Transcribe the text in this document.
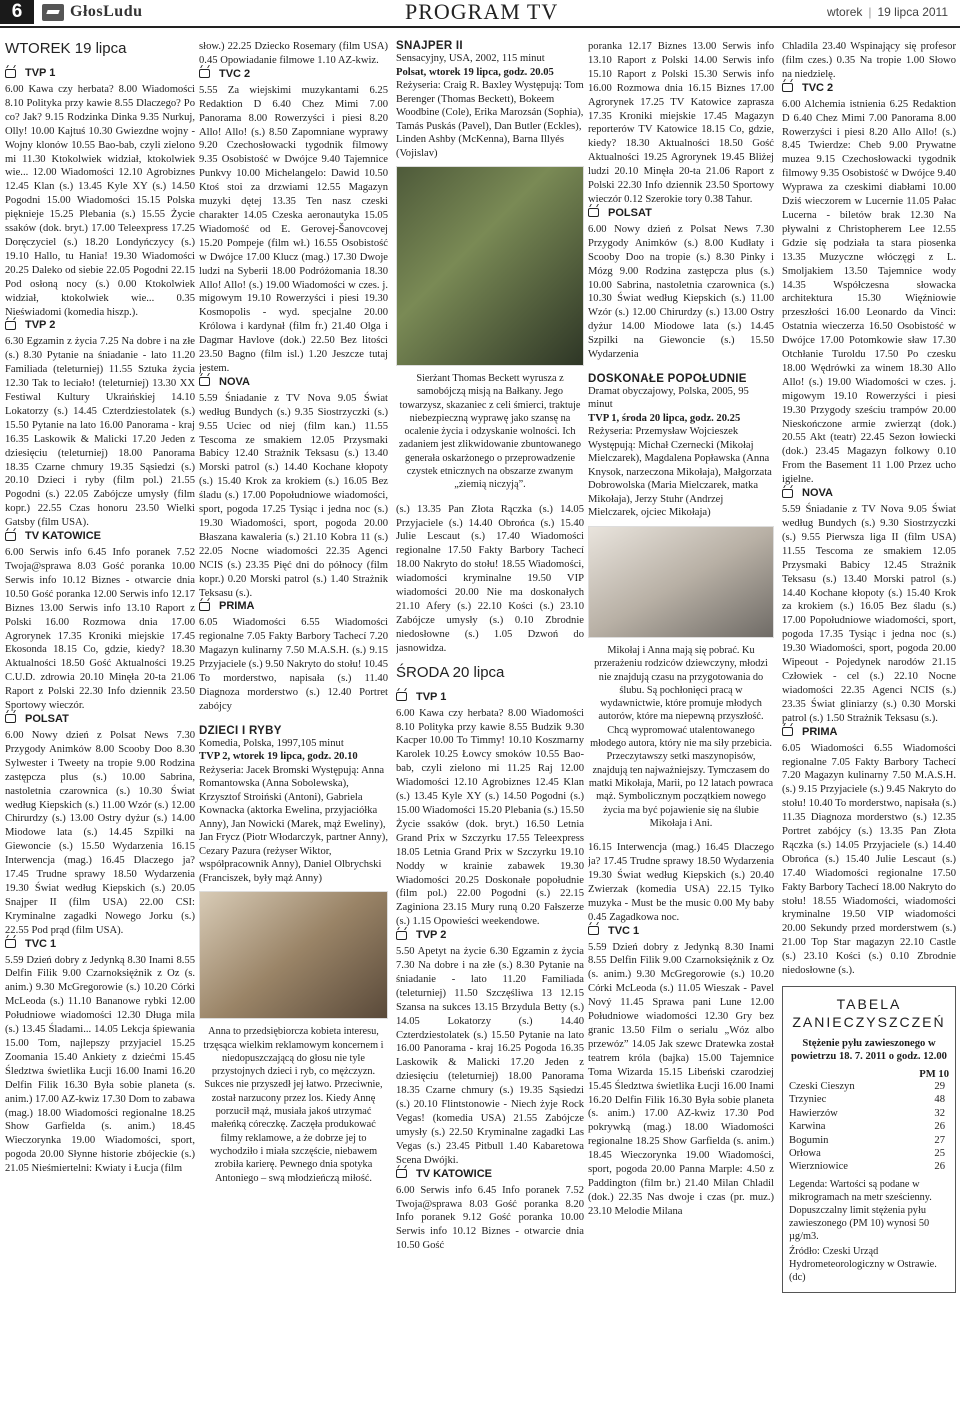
6	GłosLudu	PROGRAM TV	wtorek | 19 lipca 2011
WTOREK 19 lipca
TVP 1
6.00 Kawa czy herbata? 8.00 Wiadomości 8.10 Polityka przy kawie 8.55 Dlaczego? Po co? Jak? 9.15 Rodzinka Dinka 9.35 Nurkuj, Olly! 10.00 Kajtuś 10.30 Gwiezdne wojny - Wojny klonów 10.55 Bao-bab, czyli zielono mi 11.30 Ktokolwiek widział, ktokolwiek wie... 12.00 Wiadomości 12.10 Agrobiznes 12.45 Klan (s.) 13.45 Kyle XY (s.) 14.50 Pogodni 15.00 Wiadomości 15.15 Polska pięknieje 15.25 Plebania (s.) 15.55 Życie ssaków (dok. bryt.) 17.00 Teleexpress 17.25 Doręczyciel (s.) 18.20 Londyńczycy (s.) 19.10 Hallo, tu Hania! 19.30 Wiadomości 20.25 Daleko od siebie 22.05 Pogodni 22.15 Pod osłoną nocy (s.) 0.00 Ktokolwiek widział, ktokolwiek wie... 0.35 Nieświadomi (komedia hiszp.).
TVP 2
6.30 Egzamin z życia 7.25 Na dobre i na złe (s.) 8.30 Pytanie na śniadanie - lato 11.20 Familiada (teleturniej) 11.55 Sztuka życia 12.30 Tak to leciało! (teleturniej) 13.30 XX Festiwal Kultury Ukraińskiej 14.10 Lokatorzy (s.) 14.45 Czterdziestolatek (s.) 15.50 Pytanie na lato 16.00 Panorama - kraj 16.35 Laskowik & Malicki 17.20 Jeden z dziesięciu (teleturniej) 18.00 Panorama 18.35 Czarne chmury 19.35 Sąsiedzi (s.) 20.10 Dzieci i ryby (film pol.) 21.55 Pogodni (s.) 22.05 Zabójcze umysły (film kopr.) 22.55 Czas honoru 23.50 Wielki Gatsby (film USA).
TV KATOWICE
6.00 Serwis info 6.45 Info poranek 7.52 Twoja@sprawa 8.03 Gość poranka 10.00 Serwis info 10.12 Biznes - otwarcie dnia 10.50 Gość poranka 12.00 Serwis info 12.17 Biznes 13.00 Serwis info 13.10 Raport z Polski 16.00 Rozmowa dnia 17.00 Agrorynek 17.35 Kroniki miejskie 17.45 Ekosonda 18.15 Co, gdzie, kiedy? 18.30 Aktualności 18.50 Gość Aktualności 19.25 C.U.D. zdrowia 20.10 Minęła 20-ta 21.06 Raport z Polski 22.30 Info dziennik 23.50 Sportowy wieczór.
POLSAT
6.00 Nowy dzień z Polsat News 7.30 Przygody Animków 8.00 Scooby Doo 8.30 Sylwester i Tweety na tropie 9.00 Rodzina zastępcza plus (s.) 10.00 Sabrina, nastoletnia czarownica (s.) 10.30 Świat według Kiepskich (s.) 11.00 Wzór (s.) 12.00 Chirurdzy (s.) 13.00 Ostry dyżur (s.) 14.00 Miodowe lata (s.) 14.45 Szpilki na Giewoncie (s.) 15.50 Wydarzenia 16.15 Interwencja (mag.) 16.45 Dlaczego ja? 17.45 Trudne sprawy 18.50 Wydarzenia 19.30 Świat według Kiepskich (s.) 20.05 Snajper II (film USA) 22.00 CSI: Kryminalne zagadki Nowego Jorku (s.) 22.55 Pod prąd (film USA).
TVC 1
5.59 Dzień dobry z Jedynką 8.30 Inami 8.55 Delfin Filik 9.00 Czarnoksiężnik z Oz (s. anim.) 9.30 McGregorowie (s.) 10.20 Córki McLeoda (s.) 11.10 Bananowe rybki 12.00 Południowe wiadomości 12.30 Długa mila (s.) 13.45 Śladami... 14.05 Lekcja śpiewania 15.00 Tom, najlepszy przyjaciel 15.25 Zoomania 15.40 Ankiety z dziećmi 15.45 Śledztwa świetlika Łucji 16.00 Inami 16.20 Delfin Filik 16.30 Była sobie planeta (s. anim.) 17.00 AZ-kwiz 17.30 Dom to zabawa (mag.) 18.00 Wiadomości regionalne 18.25 Show Garfielda (s. anim.) 18.45 Wieczorynka 19.00 Wiadomości, sport, pogoda 20.00 Słynne historie zbójeckie (s.) 21.05 Nieśmiertelni: Kwiaty i Łucja (film
słow.) 22.25 Dziecko Rosemary (film USA) 0.45 Opowiadanie filmowe 1.10 AZ-kwiz.
TVC 2
5.55 Za wiejskimi muzykantami 6.25 Redaktion D 6.40 Chez Mimi 7.00 Panorama 8.00 Rowerzyści i piesi 8.20 Allo! Allo! (s.) 8.50 Zapomniane wyprawy 9.20 Czechosłowacki tygodnik filmowy 9.35 Osobistość w Dwójce 9.40 Tajemnice Punkvy 10.00 Michelangelo: Dawid 10.50 Ktoś stoi za drzwiami 12.55 Magazyn muzyki dętej 13.35 Ten nasz czeski charakter 14.05 Czeska aeronautyka 15.05 Wiadomość od E. Gerovej-Šanovcovej 15.20 Pompeje (film wł.) 16.55 Osobistość w Dwójce 17.00 Klucz (mag.) 17.30 Dwoje ludzi na Syberii 18.00 Podróżomania 18.30 Allo! Allo! (s.) 19.00 Wiadomości w czes. j. migowym 19.10 Rowerzyści i piesi 19.30 Kosmopolis - wyd. specjalne 20.00 Królowa i kardynał (film fr.) 21.40 Olga i Dagmar Havlove (dok.) 22.50 Bez litości 23.50 Bagno (film isl.) 1.20 Jeszcze tutaj jestem.
NOVA
5.59 Śniadanie z TV Nova 9.05 Świat według Bundych (s.) 9.35 Siostrzyczki (s.) 9.55 Uciec od niej (film kan.) 11.55 Tescoma ze smakiem 12.05 Przysmaki Babicy 12.40 Strażnik Teksasu (s.) 13.40 Morski patrol (s.) 14.40 Kochane kłopoty (s.) 15.40 Krok za krokiem (s.) 16.05 Bez śladu (s.) 17.00 Popołudniowe wiadomości, sport, pogoda 17.25 Tysiąc i jedna noc (s.) 19.30 Wiadomości, sport, pogoda 20.00 Błaszana kawaleria (s.) 21.10 Kobra 11 (s.) 22.05 Nocne wiadomości 22.35 Agenci NCIS (s.) 23.35 Pięć dni do północy (film kopr.) 0.20 Morski patrol (s.) 1.40 Strażnik Teksasu (s.).
PRIMA
6.05 Wiadomości 6.55 Wiadomości regionalne 7.05 Fakty Barbory Tachecí 7.20 Magazyn kulinarny 7.50 M.A.S.H. (s.) 9.15 Przyjaciele (s.) 9.50 Nakryto do stołu! 10.45 To morderstwo, napisała (s.) 11.40 Diagnoza morderstwo (s.) 12.40 Portret zabójcy
DZIECI I RYBY

Komedia, Polska, 1997,105 minut

TVP 2, wtorek 19 lipca, godz. 20.10

Reżyseria: Jacek Bromski Występują: Anna Romantowska (Anna Sobolewska), Krzysztof Stroiński (Antoni), Gabriela Kownacka (aktorka Ewelina, przyjaciółka Anny), Jan Nowicki (Marek, mąż Eweliny), Jan Frycz (Piotr Włodarczyk, partner Anny), Cezary Pazura (reżyser Wiktor, współpracownik Anny), Daniel Olbrychski (Franciszek, były mąż Anny)

Anna to przedsiębiorcza kobieta interesu, trzęsąca wielkim reklamowym koncernem i niedopuszczającą do głosu nie tyle przystojnych dzieci i ryb, co mężczyzn. Sukces nie przyszedł jej łatwo. Przeciwnie, został narzucony przez los. Kiedy Annę porzucił mąż, musiała jakoś utrzymać małeńką córeczkę. Zaczęła produkować filmy reklamowe, a że dobrze jej to wychodziło i miała szczęście, niebawem zrobiła karierę. Pewnego dnia spotyka Antoniego – swą młodzieńczą miłość.

SNAJPER II

Sensacyjny, USA, 2002, 115 minut

Polsat, wtorek 19 lipca, godz. 20.05

Reżyseria: Craig R. Baxley Występują: Tom Berenger (Thomas Beckett), Bokeem Woodbine (Cole), Erika Marozsán (Sophia), Tamás Puskás (Pavel), Dan Butler (Eckles), Linden Ashby (McKenna), Barna Illyés (Vojislav)

Sierżant Thomas Beckett wyrusza z samobójczą misją na Bałkany. Jego towarzysz, skazaniec z celi śmierci, traktuje niebezpieczną wyprawę jako szansę na ocalenie życia i odzyskanie wolności. Ich zadaniem jest zlikwidowanie zbuntowanego generała oskarżonego o przeprowadzenie czystek etnicznych na obszarze zwanym „ziemią niczyją”.

(s.) 13.35 Pan Złota Rączka (s.) 14.05 Przyjaciele (s.) 14.40 Obrońca (s.) 15.40 Julie Lescaut (s.) 17.40 Wiadomości regionalne 17.50 Fakty Barbory Tachecí 18.00 Nakryto do stołu! 18.55 Wiadomości, wiadomości kryminalne 19.50 VIP wiadomości 20.00 Nie ma doskonałych 21.10 Afery (s.) 22.10 Kości (s.) 23.10 Zabójcze umysły (s.) 0.10 Zbrodnie niedosłowne (s.) 1.05 Dzwoń do jasnowidza.
ŚRODA 20 lipca
TVP 1
6.00 Kawa czy herbata? 8.00 Wiadomości 8.10 Polityka przy kawie 8.55 Budzik 9.30 Kacper 10.00 To Timmy! 10.10 Koszmarny Karolek 10.25 Łowcy smoków 10.55 Bao-bab, czyli zielono mi 11.25 Raj 12.00 Wiadomości 12.10 Agrobiznes 12.45 Klan (s.) 13.45 Kyle XY (s.) 14.50 Pogodni (s.) 15.00 Wiadomości 15.20 Plebania (s.) 15.50 Życie ssaków (dok. bryt.) 16.50 Letnia Grand Prix w Szczyrku 17.55 Teleexpress 18.05 Letnia Grand Prix w Szczyrku 19.10 Noddy w krainie zabawek 19.30 Wiadomości 20.25 Doskonałe popołudnie (film pol.) 22.00 Pogodni (s.) 22.15 Zaginiona 23.15 Mury runą 0.20 Fałszerze (s.) 1.15 Opowieści weekendowe.
TVP 2
5.50 Apetyt na życie 6.30 Egzamin z życia 7.30 Na dobre i na złe (s.) 8.30 Pytanie na śniadanie - lato 11.20 Familiada (teleturniej) 11.50 Szczęśliwa 13 12.15 Szansa na sukces 13.15 Brzydula Betty (s.) 14.05 Lokatorzy (s.) 14.40 Czterdziestolatek (s.) 15.50 Pytanie na lato 16.00 Panorama - kraj 16.25 Pogoda 16.35 Laskowik & Malicki 17.20 Jeden z dziesięciu (teleturniej) 18.00 Panorama 18.35 Czarne chmury (s.) 19.35 Sąsiedzi (s.) 20.10 Flintstonowie - Niech żyje Rock Vegas! (komedia USA) 21.55 Zabójcze umysły (s.) 22.50 Kryminalne zagadki Las Vegas (s.) 23.45 Pitbull 1.40 Kabaretowa Scena Dwójki.
TV KATOWICE
6.00 Serwis info 6.45 Info poranek 7.52 Twoja@sprawa 8.03 Gość poranka 8.20 Info poranek 9.12 Gość poranka 10.00 Serwis info 10.12 Biznes - otwarcie dnia 10.50 Gość
poranka 12.17 Biznes 13.00 Serwis info 13.10 Raport z Polski 14.00 Serwis info 15.10 Raport z Polski 15.30 Serwis info 16.00 Rozmowa dnia 16.15 Biznes 17.00 Agrorynek 17.25 TV Katowice zaprasza 17.35 Kroniki miejskie 17.45 Magazyn reporterów TV Katowice 18.15 Co, gdzie, kiedy? 18.30 Aktualności 18.50 Gość Aktualności 19.25 Agrorynek 19.45 Bliżej ludzi 20.10 Minęła 20-ta 21.06 Raport z Polski 22.30 Info dziennik 23.50 Sportowy wieczór 0.12 Szerokie tory 0.38 Tahur.
POLSAT
6.00 Nowy dzień z Polsat News 7.30 Przygody Animków (s.) 8.00 Kudłaty i Scooby Doo na tropie (s.) 8.30 Pinky i Mózg 9.00 Rodzina zastępcza plus (s.) 10.00 Sabrina, nastoletnia czarownica (s.) 10.30 Świat według Kiepskich (s.) 11.00 Wzór (s.) 12.00 Chirurdzy (s.) 13.00 Ostry dyżur 14.00 Miodowe lata (s.) 14.45 Szpilki na Giewoncie (s.) 15.50 Wydarzenia
DOSKONAŁE POPOŁUDNIE

Dramat obyczajowy, Polska, 2005, 95 minut

TVP 1, środa 20 lipca, godz. 20.25

Reżyseria: Przemysław Wojcieszek Występują: Michał Czernecki (Mikołaj Mielczarek), Magdalena Popławska (Anna Knysok, narzeczona Mikołaja), Małgorzata Dobrowolska (Maria Mielczarek, matka Mikołaja), Jerzy Stuhr (Andrzej Mielczarek, ojciec Mikołaja)

Mikołaj i Anna mają się pobrać. Ku przerażeniu rodziców dziewczyny, młodzi nie znajdują czasu na przygotowania do ślubu. Są pochłonięci pracą w wydawnictwie, które promuje młodych autorów, które ma niepewną przyszłość. Chcą wypromować utalentowanego młodego autora, który nie ma siły przebicia. Przeczytawszy setki maszynopisów, znajdują ten najważniejszy. Tymczasem do matki Mikołaja, Marii, po 12 latach powraca mąż. Symbolicznym początkiem nowego życia ma być pojawienie się na ślubie Mikołaja i Ani.

16.15 Interwencja (mag.) 16.45 Dlaczego ja? 17.45 Trudne sprawy 18.50 Wydarzenia 19.30 Świat według Kiepskich (s.) 20.40 Zwierzak (komedia USA) 22.15 Tylko muzyka - Must be the music 0.00 My baby 0.45 Zagadkowa noc.
TVC 1
5.59 Dzień dobry z Jedynką 8.30 Inami 8.55 Delfin Filik 9.00 Czarnoksiężnik z Oz (s. anim.) 9.30 McGregorowie (s.) 10.20 Córki McLeoda (s.) 11.05 Wieszak - Pavel Nový 11.45 Sprawa pani Lune 12.00 Południowe wiadomości 12.30 Gry bez granic 13.50 Film o serialu „Wóz albo przewóz” 14.05 Jak szewc Dratewka został teatrem króla (bajka) 15.00 Tajemnice Toma Wizarda 15.15 Libeński czarodziej 15.45 Śledztwa świetlika Łucji 16.00 Inami 16.20 Delfin Filik 16.30 Była sobie planeta (s. anim.) 17.00 AZ-kwiz 17.30 Pod pokrywką (mag.) 18.00 Wiadomości regionalne 18.25 Show Garfielda (s. anim.) 18.45 Wieczorynka 19.00 Wiadomości, sport, pogoda 20.00 Panna Marple: 4.50 z Paddington (film br.) 21.40 Milan Chladil (dok.) 22.35 Nas dwoje i czas (pr. muz.) 23.10 Melodie Milana
Chladila 23.40 Wspinający się profesor (film czes.) 0.35 Na tropie 1.00 Słowo na niedzielę.
TVC 2
6.00 Alchemia istnienia 6.25 Redaktion D 6.40 Chez Mimi 7.00 Panorama 8.00 Rowerzyści i piesi 8.20 Allo Allo! (s.) 8.45 Twierdze: Cheb 9.00 Prywatne muzea 9.15 Czechosłowacki tygodnik filmowy 9.35 Osobistość w Dwójce 9.40 Wyprawa za czeskimi diabłami 10.00 Dziś wieczorem w Lucernie 11.05 Pałac Lucerna - biletów brak 12.30 Na pływalni z Christopherem Lee 12.55 Gdzie się podziała ta stara piosenka 13.35 Muzyczne włóczęgi z L. Smoljakiem 13.50 Tajemnice wody 14.35 Współczesna słowacka architektura 15.30 Więźniowie przeszłości 16.00 Leonardo da Vinci: Ostatnia wieczerza 16.50 Osobistość w Dwójce 17.00 Potomkowie sław 17.30 Otchłanie Turoldu 17.50 Po czesku 18.00 Wędrówki za winem 18.30 Allo Allo! (s.) 19.00 Wiadomości w czes. j. migowym 19.10 Rowerzyści i piesi 19.30 Przygody sześciu trampów 20.00 Nieskończone armie zwierząt (dok.) 20.55 Akt (teatr) 22.45 Sezon łowiecki (dok.) 23.45 Magazyn folkowy 0.10 From the Basement 11 1.00 Przez ucho igielne.
NOVA
5.59 Śniadanie z TV Nova 9.05 Świat według Bundych (s.) 9.30 Siostrzyczki (s.) 9.55 Pierwsza liga II (film USA) 11.55 Tescoma ze smakiem 12.05 Przysmaki Babicy 12.45 Strażnik Teksasu (s.) 13.40 Morski patrol (s.) 14.40 Kochane kłopoty (s.) 15.40 Krok za krokiem (s.) 16.05 Bez śladu (s.) 17.00 Popołudniowe wiadomości, sport, pogoda 17.35 Tysiąc i jedna noc (s.) 19.30 Wiadomości, sport, pogoda 20.00 Wipeout - Pojedynek narodów 21.15 Człowiek - cel (s.) 22.10 Nocne wiadomości 22.35 Agenci NCIS (s.) 23.35 Świat gliniarzy (s.) 0.30 Morski patrol (s.) 1.50 Strażnik Teksasu (s.).
PRIMA
6.05 Wiadomości 6.55 Wiadomości regionalne 7.05 Fakty Barbory Tachecí 7.20 Magazyn kulinarny 7.50 M.A.S.H. (s.) 9.15 Przyjaciele (s.) 9.45 Nakryto do stołu! 10.40 To morderstwo, napisała (s.) 11.35 Diagnoza morderstwo (s.) 12.35 Portret zabójcy (s.) 13.35 Pan Złota Rączka (s.) 14.05 Przyjaciele (s.) 14.40 Obrońca (s.) 15.40 Julie Lescaut (s.) 17.40 Wiadomości regionalne 17.50 Fakty Barbory Tachecí 18.00 Nakryto do stołu! 18.55 Wiadomości, wiadomości kryminalne 19.50 VIP wiadomości 20.00 Sekundy przed morderstwem (s.) 21.00 Top Star magazyn 22.10 Castle (s.) 23.10 Kości (s.) 0.10 Zbrodnie niedosłowne (s.).
TABELA ZANIECZYSZCZEŃ
Stężenie pyłu zawieszonego w powietrzu 18. 7. 2011 o godz. 12.00
	PM 10
Czeski Cieszyn	29
Trzyniec	48
Hawierzów	32
Karwina	26
Bogumin	27
Orłowa	25
Wierzniowice	26
Legenda: Wartości są podane w mikrogramach na metr sześcienny. Dopuszczalny limit stężenia pyłu zawieszonego (PM 10) wynosi 50 µg/m3.
Źródło: Czeski Urząd Hydrometeorologiczny w Ostrawie. (dc)
